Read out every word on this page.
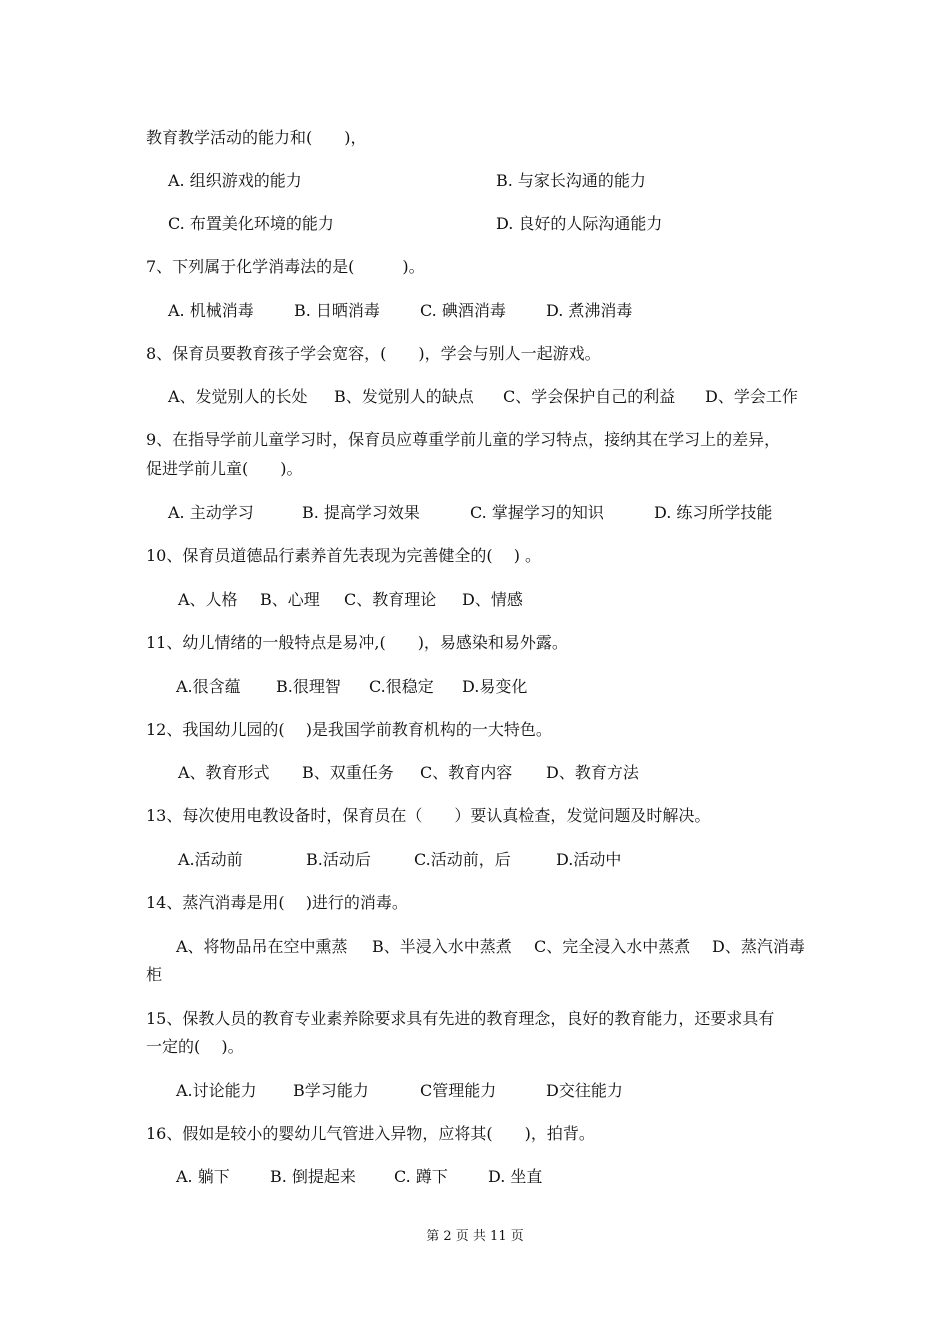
教育教学活动的能力和(　　)，
A. 组织游戏的能力	B. 与家长沟通的能力
C. 布置美化环境的能力	D. 良好的人际沟通能力
7、下列属于化学消毒法的是(　　　)。
A. 机械消毒	B. 日晒消毒	C. 碘酒消毒	D. 煮沸消毒
8、保育员要教育孩子学会宽容，(　　)，学会与别人一起游戏。
A、发觉别人的长处 B、发觉别人的缺点 C、学会保护自己的利益 D、学会工作
9、在指导学前儿童学习时，保育员应尊重学前儿童的学习特点，接纳其在学习上的差异，
促进学前儿童(　　)。
A. 主动学习	B. 提高学习效果	C. 掌握学习的知识	D. 练习所学技能
10、保育员道德品行素养首先表现为完善健全的(　 ) 。
A、人格 B、心理 C、教育理论 D、情感
11、幼儿情绪的一般特点是易冲,(　　)，易感染和易外露。
A.很含蕴 B.很理智 C.很稳定 D.易变化
12、我国幼儿园的(　 )是我国学前教育机构的一大特色。
A、教育形式 B、双重任务 C、教育内容 D、教育方法
13、每次使用电教设备时，保育员在（　　）要认真检查，发觉问题及时解决。
A.活动前	B.活动后	C.活动前，后	D.活动中
14、蒸汽消毒是用(　 )进行的消毒。
A、将物品吊在空中熏蒸 B、半浸入水中蒸煮 C、完全浸入水中蒸煮 D、蒸汽消毒
柜
15、保教人员的教育专业素养除要求具有先进的教育理念，良好的教育能力，还要求具有
一定的(　 )。
A.讨论能力 B学习能力	C管理能力	D交往能力
16、假如是较小的婴幼儿气管进入异物，应将其(　　)，拍背。
A. 躺下	B. 倒提起来 C. 蹲下	D. 坐直
第 2 页 共 11 页
